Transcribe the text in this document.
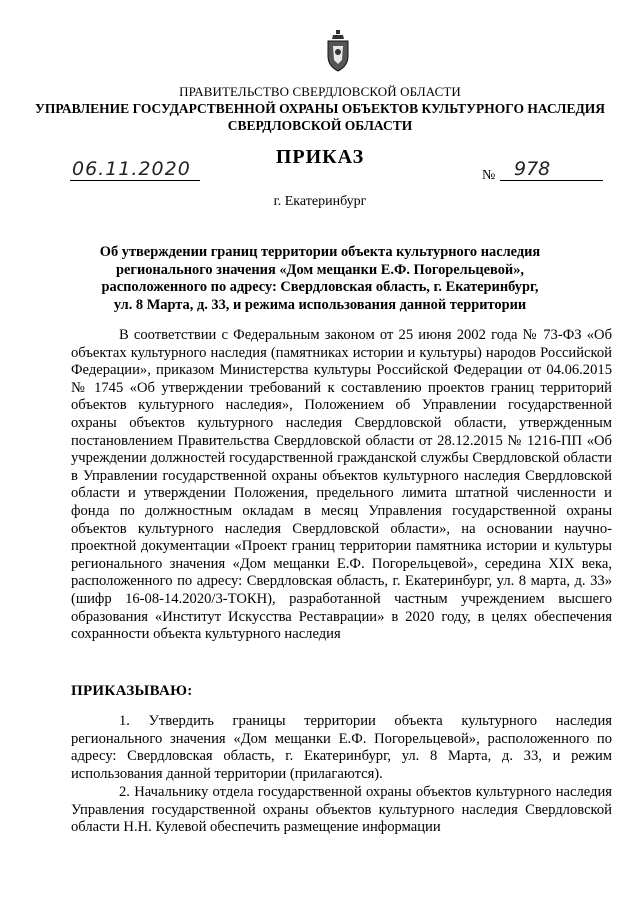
ПРАВИТЕЛЬСТВО СВЕРДЛОВСКОЙ ОБЛАСТИ
УПРАВЛЕНИЕ ГОСУДАРСТВЕННОЙ ОХРАНЫ ОБЪЕКТОВ КУЛЬТУРНОГО НАСЛЕДИЯ
СВЕРДЛОВСКОЙ ОБЛАСТИ
ПРИКАЗ
06.11.2020	№ 978
г. Екатеринбург
Об утверждении границ территории объекта культурного наследия
регионального значения «Дом мещанки Е.Ф. Погорельцевой»,
расположенного по адресу: Свердловская область, г. Екатеринбург,
ул. 8 Марта, д. 33, и режима использования данной территории

В соответствии с Федеральным законом от 25 июня 2002 года № 73-ФЗ «Об объектах культурного наследия (памятниках истории и культуры) народов Российской Федерации», приказом Министерства культуры Российской Федерации от 04.06.2015 № 1745 «Об утверждении требований к составлению проектов границ территорий объектов культурного наследия», Положением об Управлении государственной охраны объектов культурного наследия Свердловской области, утвержденным постановлением Правительства Свердловской области от 28.12.2015 № 1216-ПП «Об учреждении должностей государственной гражданской службы Свердловской области в Управлении государственной охраны объектов культурного наследия Свердловской области и утверждении Положения, предельного лимита штатной численности и фонда по должностным окладам в месяц Управления государственной охраны объектов культурного наследия Свердловской области», на основании научно-проектной документации «Проект границ территории памятника истории и культуры регионального значения «Дом мещанки Е.Ф. Погорельцевой», середина XIX века, расположенного по адресу: Свердловская область, г. Екатеринбург, ул. 8 марта, д. 33» (шифр 16-08-14.2020/3-ТОКН), разработанной частным учреждением высшего образования «Институт Искусства Реставрации» в 2020 году, в целях обеспечения сохранности объекта культурного наследия

ПРИКАЗЫВАЮ:

1. Утвердить границы территории объекта культурного наследия регионального значения «Дом мещанки Е.Ф. Погорельцевой», расположенного по адресу: Свердловская область, г. Екатеринбург, ул. 8 Марта, д. 33, и режим использования данной территории (прилагаются).

2. Начальнику отдела государственной охраны объектов культурного наследия Управления государственной охраны объектов культурного наследия Свердловской области Н.Н. Кулевой обеспечить размещение информации
